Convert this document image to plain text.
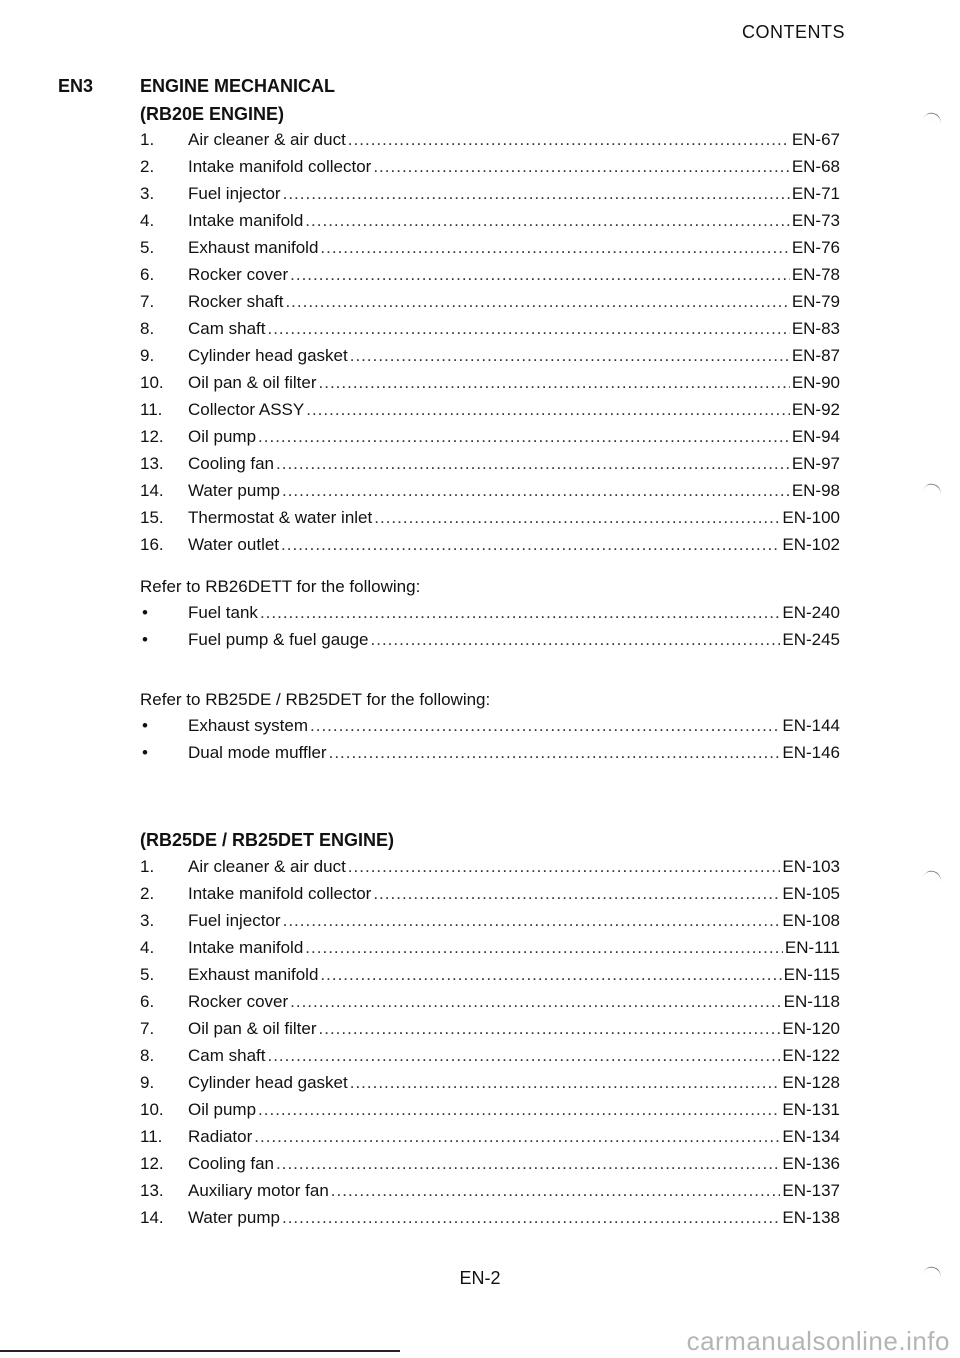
CONTENTS
EN3	ENGINE MECHANICAL
(RB20E ENGINE)
1.	Air cleaner & air duct .....	EN-67
2.	Intake manifold collector .....	EN-68
3.	Fuel injector .....	EN-71
4.	Intake manifold .....	EN-73
5.	Exhaust manifold .....	EN-76
6.	Rocker cover .....	EN-78
7.	Rocker shaft .....	EN-79
8.	Cam shaft .....	EN-83
9.	Cylinder head gasket .....	EN-87
10.	Oil pan & oil filter .....	EN-90
11.	Collector ASSY .....	EN-92
12.	Oil pump .....	EN-94
13.	Cooling fan .....	EN-97
14.	Water pump .....	EN-98
15.	Thermostat & water inlet .....	EN-100
16.	Water outlet .....	EN-102
Refer to RB26DETT for the following:
•	Fuel tank .....	EN-240
•	Fuel pump & fuel gauge .....	EN-245
Refer to RB25DE / RB25DET for the following:
•	Exhaust system .....	EN-144
•	Dual mode muffler .....	EN-146
(RB25DE / RB25DET ENGINE)
1.	Air cleaner & air duct .....	EN-103
2.	Intake manifold collector .....	EN-105
3.	Fuel injector .....	EN-108
4.	Intake manifold .....	EN-111
5.	Exhaust manifold .....	EN-115
6.	Rocker cover .....	EN-118
7.	Oil pan & oil filter .....	EN-120
8.	Cam shaft .....	EN-122
9.	Cylinder head gasket .....	EN-128
10.	Oil pump .....	EN-131
11.	Radiator .....	EN-134
12.	Cooling fan .....	EN-136
13.	Auxiliary motor fan .....	EN-137
14.	Water pump .....	EN-138
EN-2
carmanualsonline.info
